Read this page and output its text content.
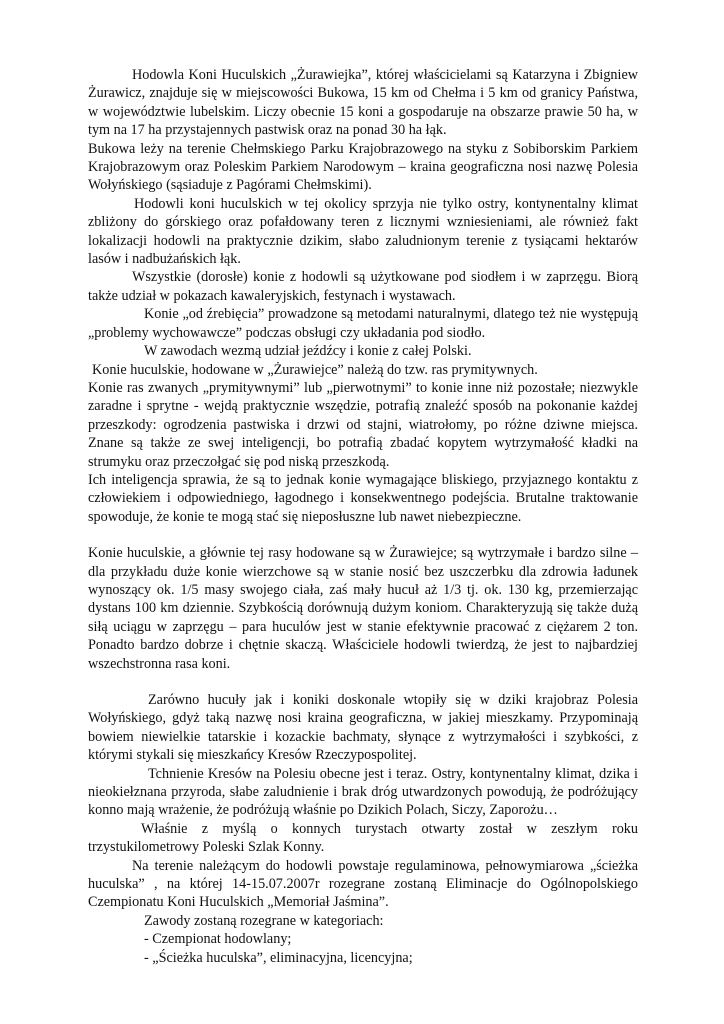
Hodowla Koni Huculskich „Żurawiejka”, której właścicielami są Katarzyna i Zbigniew Żurawicz, znajduje się w miejscowości Bukowa, 15 km od Chełma i 5 km od granicy Państwa, w województwie lubelskim. Liczy obecnie 15 koni a gospodaruje na obszarze prawie 50 ha, w tym na 17 ha przystajennych pastwisk oraz na ponad 30 ha łąk.

Bukowa leży na terenie Chełmskiego Parku Krajobrazowego na styku z Sobiborskim Parkiem Krajobrazowym oraz Poleskim Parkiem Narodowym – kraina geograficzna nosi nazwę Polesia Wołyńskiego (sąsiaduje z Pagórami Chełmskimi).

Hodowli koni huculskich w tej okolicy sprzyja nie tylko ostry, kontynentalny klimat zbliżony do górskiego oraz pofałdowany teren z licznymi wzniesieniami, ale również fakt lokalizacji hodowli na praktycznie dzikim, słabo zaludnionym terenie z tysiącami hektarów lasów i nadbużańskich łąk.

Wszystkie (dorosłe) konie z hodowli są użytkowane pod siodłem i w zaprzęgu. Biorą także udział w pokazach kawaleryjskich, festynach i wystawach.

Konie „od źrebięcia” prowadzone są metodami naturalnymi, dlatego też nie występują „problemy wychowawcze” podczas obsługi czy układania pod siodło.

W zawodach wezmą udział jeźdźcy i konie z całej Polski.

Konie huculskie, hodowane w „Żurawiejce” należą do tzw. ras prymitywnych.

Konie ras zwanych „prymitywnymi” lub „pierwotnymi” to konie inne niż pozostałe; niezwykle zaradne i sprytne - wejdą praktycznie wszędzie, potrafią znaleźć sposób na pokonanie każdej przeszkody: ogrodzenia pastwiska i drzwi od stajni, wiatrołomy, po różne dziwne miejsca. Znane są także ze swej inteligencji, bo potrafią zbadać kopytem wytrzymałość kładki na strumyku oraz przeczołgać się pod niską przeszkodą.

Ich inteligencja sprawia, że są to jednak konie wymagające bliskiego, przyjaznego kontaktu z człowiekiem i odpowiedniego, łagodnego i konsekwentnego podejścia. Brutalne traktowanie spowoduje, że konie te mogą stać się nieposłuszne lub nawet niebezpieczne.

Konie huculskie, a głównie tej rasy hodowane są w Żurawiejce; są wytrzymałe i bardzo silne – dla przykładu duże konie wierzchowe są w stanie nosić bez uszczerbku dla zdrowia ładunek wynoszący ok. 1/5 masy swojego ciała, zaś mały hucuł aż 1/3 tj. ok. 130 kg, przemierzając dystans 100 km dziennie. Szybkością dorównują dużym koniom. Charakteryzują się także dużą siłą uciągu w zaprzęgu – para huculów jest w stanie efektywnie pracować z ciężarem 2 ton. Ponadto bardzo dobrze i chętnie skaczą. Właściciele hodowli twierdzą, że jest to najbardziej wszechstronna rasa koni.

Zarówno hucuły jak i koniki doskonale wtopiły się w dziki krajobraz Polesia Wołyńskiego, gdyż taką nazwę nosi kraina geograficzna, w jakiej mieszkamy. Przypominają bowiem niewielkie tatarskie i kozackie bachmaty, słynące z wytrzymałości i szybkości, z którymi stykali się mieszkańcy Kresów Rzeczypospolitej.

Tchnienie Kresów na Polesiu obecne jest i teraz. Ostry, kontynentalny klimat, dzika i nieokiełznana przyroda, słabe zaludnienie i brak dróg utwardzonych powodują, że podróżujący konno mają wrażenie, że podróżują właśnie po Dzikich Polach, Siczy, Zaporożu…

Właśnie z myślą o konnych turystach otwarty został w zeszłym roku trzystukilometrowy Poleski Szlak Konny.

Na terenie należącym do hodowli powstaje regulaminowa, pełnowymiarowa „ścieżka huculska” , na której 14-15.07.2007r rozegrane zostaną Eliminacje do Ogólnopolskiego Czempionatu Koni Huculskich „Memoriał Jaśmina”.

Zawody zostaną rozegrane w kategoriach:

- Czempionat hodowlany;

- „Ścieżka huculska”, eliminacyjna, licencyjna;
